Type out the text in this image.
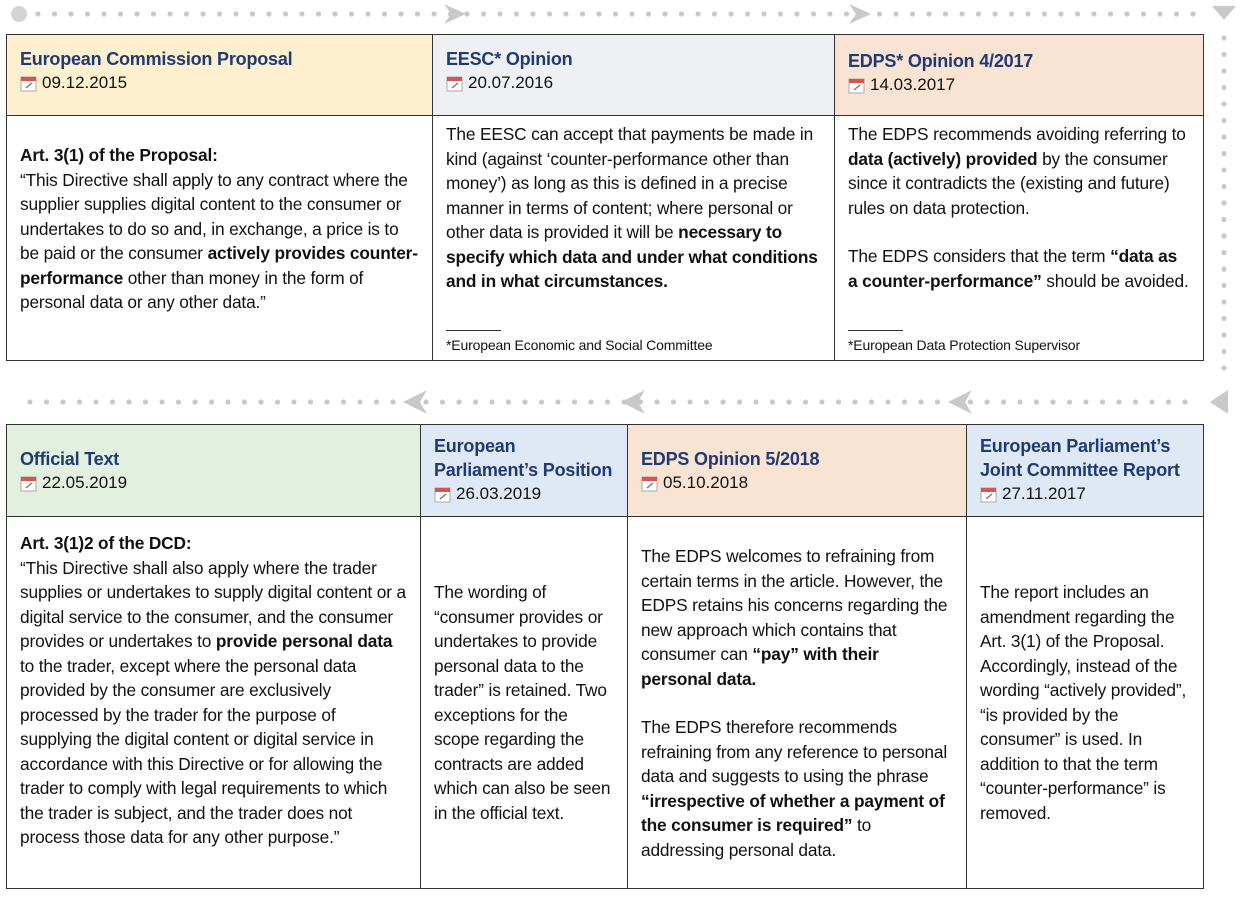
European Commission Proposal
09.12.2015
EESC* Opinion
20.07.2016
EDPS* Opinion 4/2017
14.03.2017
Art. 3(1) of the Proposal:
“This Directive shall apply to any contract where the supplier supplies digital content to the consumer or undertakes to do so and, in exchange, a price is to be paid or the consumer actively provides counter-performance other than money in the form of personal data or any other data.”
The EESC can accept that payments be made in kind (against ‘counter-performance other than money’) as long as this is defined in a precise manner in terms of content; where personal or other data is provided it will be necessary to specify which data and under what conditions and in what circumstances.
*European Economic and Social Committee
The EDPS recommends avoiding referring to data (actively) provided by the consumer since it contradicts the (existing and future) rules on data protection.
The EDPS considers that the term “data as a counter-performance” should be avoided.
*European Data Protection Supervisor
Official Text
22.05.2019
European Parliament’s Position
26.03.2019
EDPS Opinion 5/2018
05.10.2018
European Parliament’s Joint Committee Report
27.11.2017
Art. 3(1)2 of the DCD:
“This Directive shall also apply where the trader supplies or undertakes to supply digital content or a digital service to the consumer, and the consumer provides or undertakes to provide personal data to the trader, except where the personal data provided by the consumer are exclusively processed by the trader for the purpose of supplying the digital content or digital service in accordance with this Directive or for allowing the trader to comply with legal requirements to which the trader is subject, and the trader does not process those data for any other purpose.”
The wording of “consumer provides or undertakes to provide personal data to the trader” is retained. Two exceptions for the scope regarding the contracts are added which can also be seen in the official text.
The EDPS welcomes to refraining from certain terms in the article. However, the EDPS retains his concerns regarding the new approach which contains that consumer can “pay” with their personal data.
The EDPS therefore recommends refraining from any reference to personal data and suggests to using the phrase “irrespective of whether a payment of the consumer is required” to addressing personal data.
The report includes an amendment regarding the Art. 3(1) of the Proposal. Accordingly, instead of the wording “actively provided”, “is provided by the consumer” is used. In addition to that the term “counter-performance” is removed.
